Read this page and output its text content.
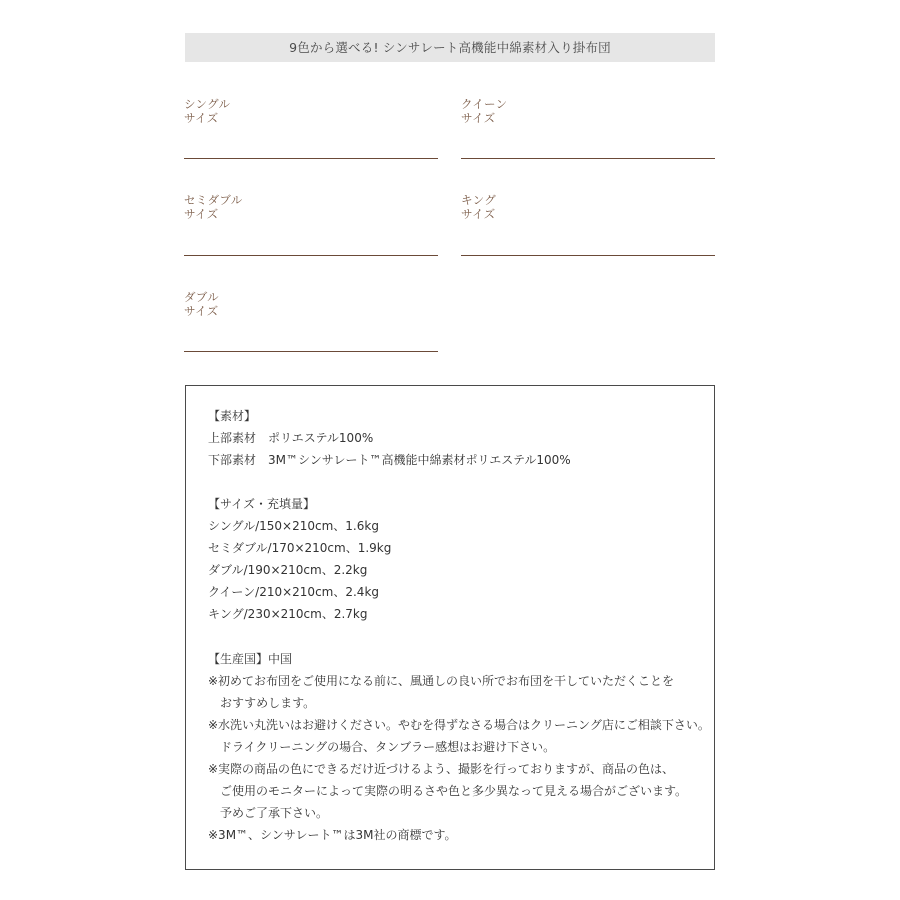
9色から選べる! シンサレート高機能中綿素材入り掛布団
シングル
サイズ
クイーン
サイズ
セミダブル
サイズ
キング
サイズ
ダブル
サイズ
【素材】
上部素材　ポリエステル100%
下部素材　3M™シンサレート™高機能中綿素材ポリエステル100%
【サイズ・充填量】
シングル/150×210cm、1.6kg
セミダブル/170×210cm、1.9kg
ダブル/190×210cm、2.2kg
クイーン/210×210cm、2.4kg
キング/230×210cm、2.7kg
【生産国】中国
※初めてお布団をご使用になる前に、風通しの良い所でお布団を干していただくことを
おすすめします。
※水洗い丸洗いはお避けください。やむを得ずなさる場合はクリーニング店にご相談下さい。
ドライクリーニングの場合、タンブラー感想はお避け下さい。
※実際の商品の色にできるだけ近づけるよう、撮影を行っておりますが、商品の色は、
ご使用のモニターによって実際の明るさや色と多少異なって見える場合がございます。
予めご了承下さい。
※3M™、シンサレート™は3M社の商標です。
